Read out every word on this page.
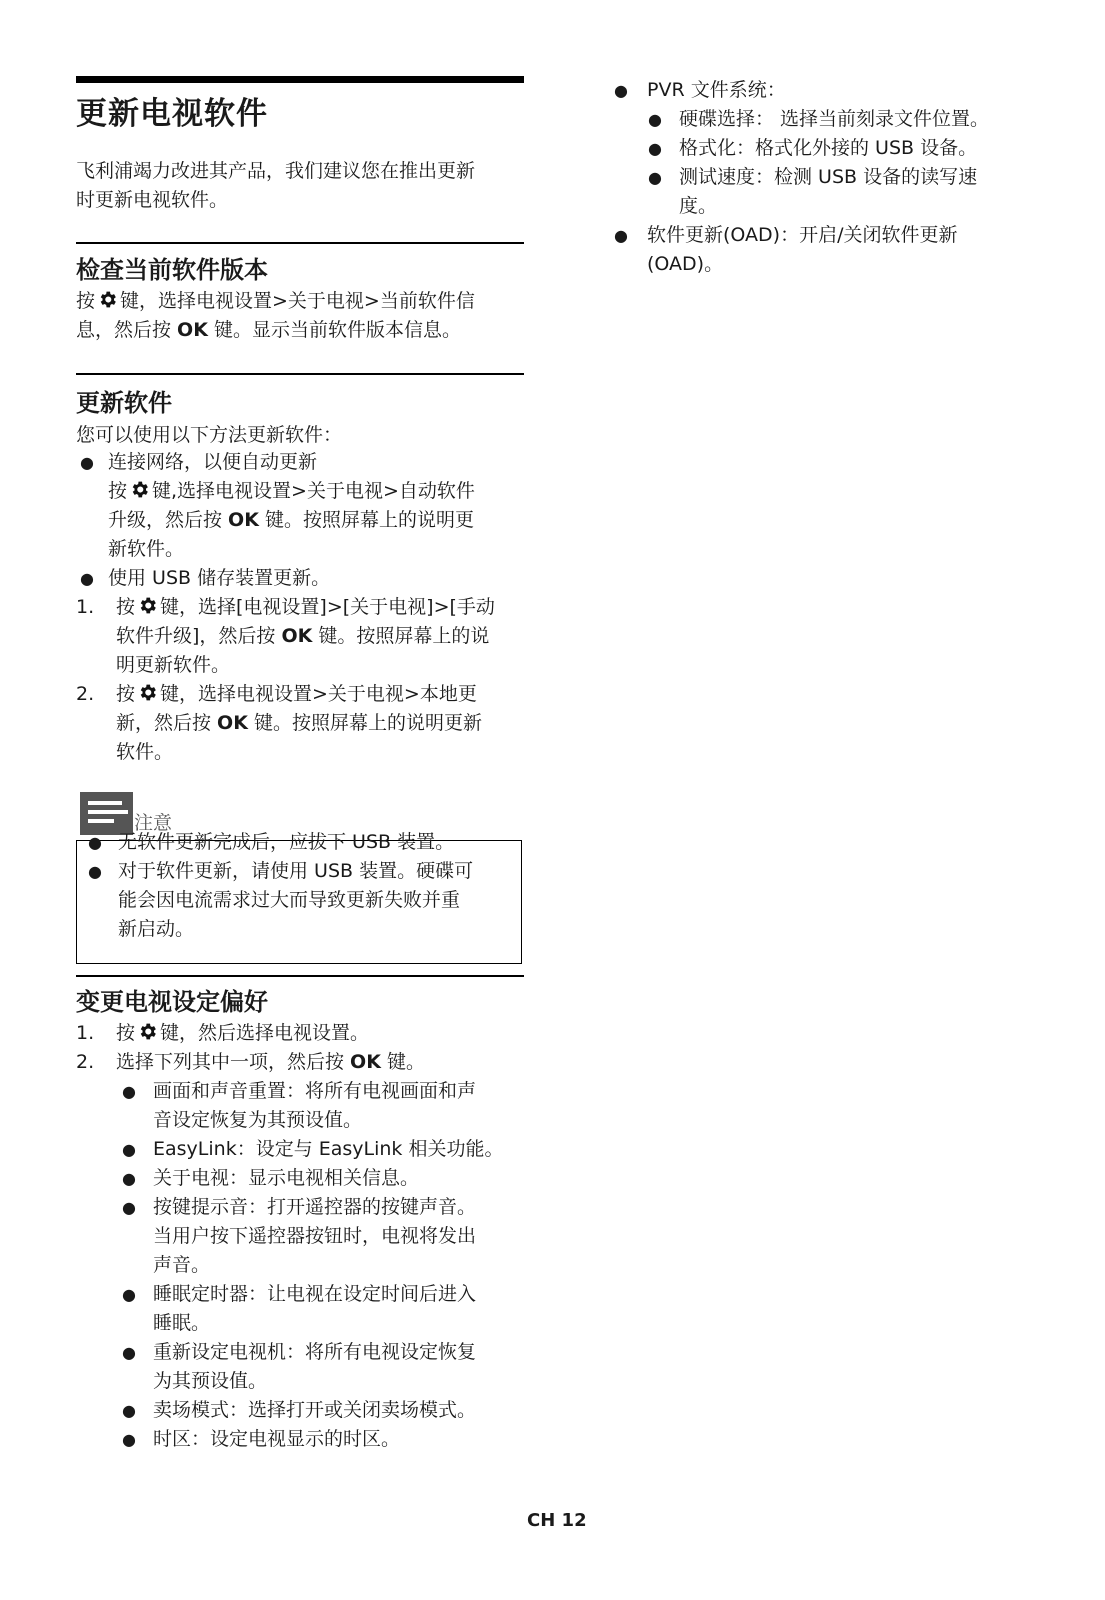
更新电视软件
飞利浦竭力改进其产品，我们建议您在推出更新
时更新电视软件。
检查当前软件版本
按 键，选择电视设置>关于电视>当前软件信
息，然后按 OK 键。显示当前软件版本信息。
更新软件
您可以使用以下方法更新软件：
● 连接网络，以便自动更新
按 键,选择电视设置>关于电视>自动软件
升级，然后按 OK 键。按照屏幕上的说明更
新软件。
● 使用 USB 储存装置更新。
1. 按 键，选择[电视设置]>[关于电视]>[手动
软件升级]，然后按 OK 键。按照屏幕上的说
明更新软件。
2. 按 键，选择电视设置>关于电视>本地更
新，然后按 OK 键。按照屏幕上的说明更新
软件。
注意
● 无软件更新完成后，应拔下 USB 装置。
● 对于软件更新，请使用 USB 装置。硬碟可
能会因电流需求过大而导致更新失败并重
新启动。
变更电视设定偏好
1. 按 键，然后选择电视设置。
2. 选择下列其中一项，然后按 OK 键。
● 画面和声音重置：将所有电视画面和声
音设定恢复为其预设值。
● EasyLink：设定与 EasyLink 相关功能。
● 关于电视：显示电视相关信息。
● 按键提示音：打开遥控器的按键声音。
当用户按下遥控器按钮时，电视将发出
声音。
● 睡眠定时器：让电视在设定时间后进入
睡眠。
● 重新设定电视机：将所有电视设定恢复
为其预设值。
● 卖场模式：选择打开或关闭卖场模式。
● 时区：设定电视显示的时区。
● PVR 文件系统：
● 硬碟选择： 选择当前刻录文件位置。
● 格式化：格式化外接的 USB 设备。
● 测试速度：检测 USB 设备的读写速
度。
● 软件更新(OAD)：开启/关闭软件更新
(OAD)。
CH 12
